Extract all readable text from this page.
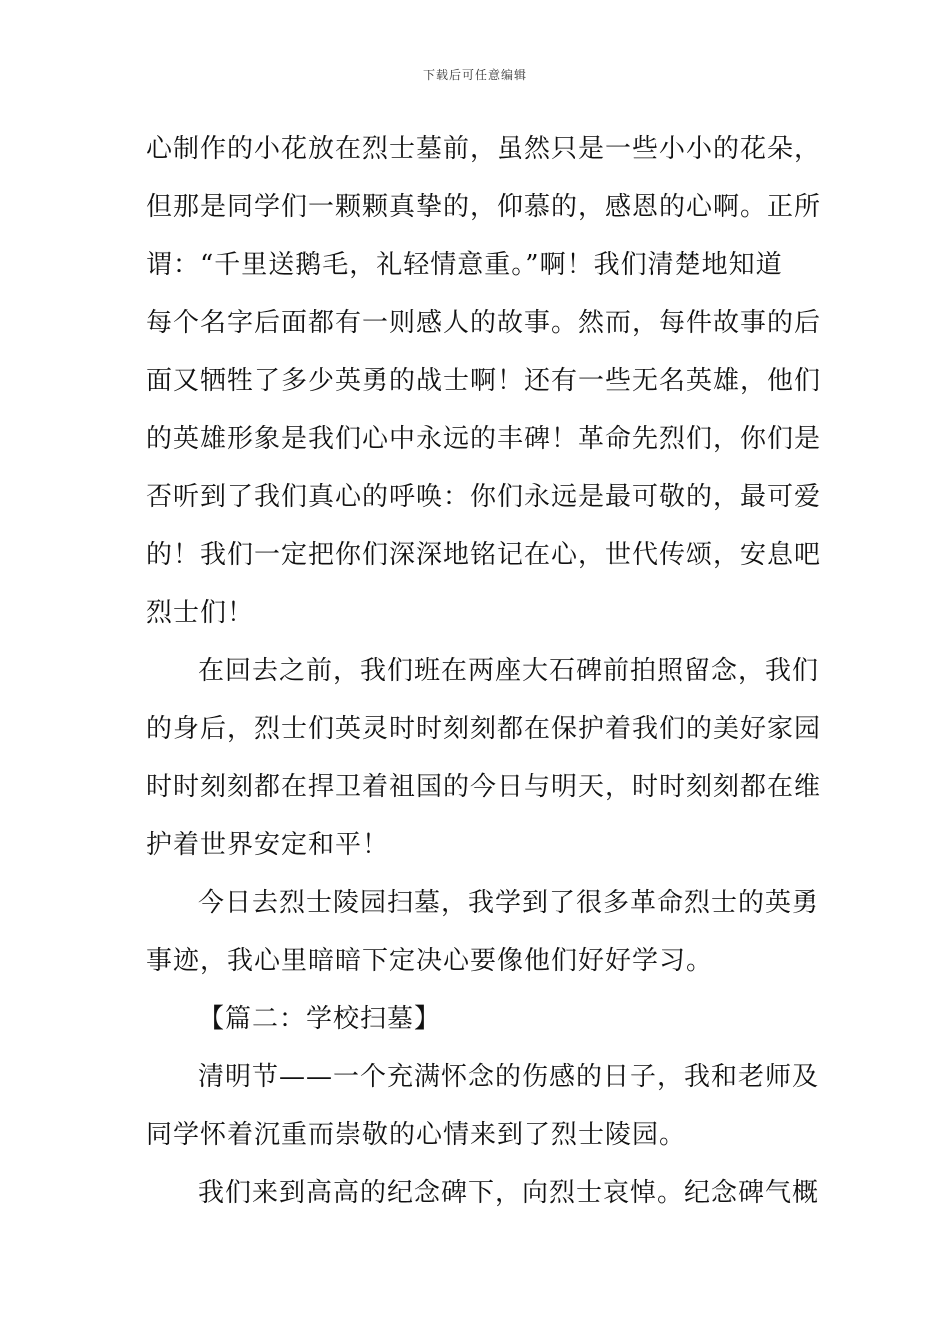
下载后可任意编辑
心制作的小花放在烈士墓前，虽然只是一些小小的花朵，
但那是同学们一颗颗真挚的，仰慕的，感恩的心啊。正所
谓：“千里送鹅毛，礼轻情意重。”啊！我们清楚地知道
每个名字后面都有一则感人的故事。然而，每件故事的后
面又牺牲了多少英勇的战士啊！还有一些无名英雄，他们
的英雄形象是我们心中永远的丰碑！革命先烈们，你们是
否听到了我们真心的呼唤：你们永远是最可敬的，最可爱
的！我们一定把你们深深地铭记在心，世代传颂，安息吧
烈士们！
在回去之前，我们班在两座大石碑前拍照留念，我们
的身后，烈士们英灵时时刻刻都在保护着我们的美好家园
时时刻刻都在捍卫着祖国的今日与明天，时时刻刻都在维
护着世界安定和平！
今日去烈士陵园扫墓，我学到了很多革命烈士的英勇
事迹，我心里暗暗下定决心要像他们好好学习。
【篇二：学校扫墓】
清明节——一个充满怀念的伤感的日子，我和老师及
同学怀着沉重而崇敬的心情来到了烈士陵园。
我们来到高高的纪念碑下，向烈士哀悼。纪念碑气概
